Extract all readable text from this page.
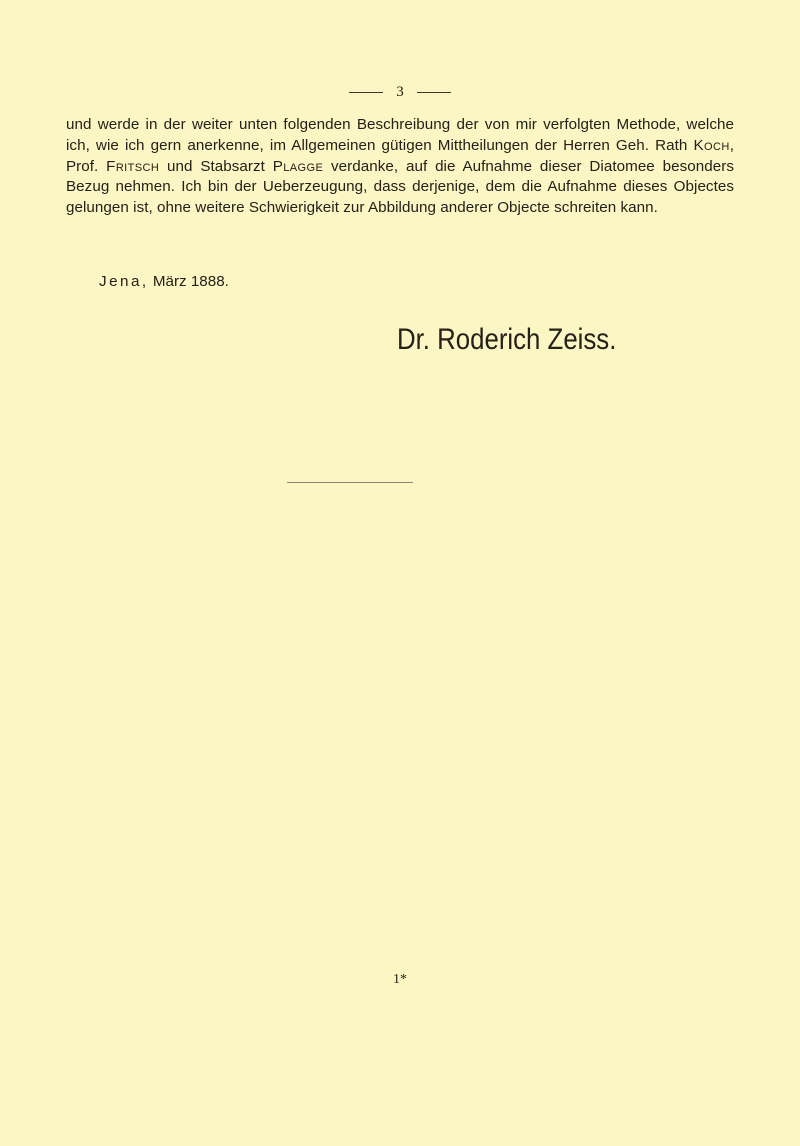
3

und werde in der weiter unten folgenden Beschreibung der von mir verfolgten Methode, welche ich, wie ich gern anerkenne, im Allgemeinen gütigen Mittheilungen der Herren Geh. Rath Koch, Prof. Fritsch und Stabsarzt Plagge verdanke, auf die Aufnahme dieser Diatomee besonders Bezug nehmen. Ich bin der Ueberzeugung, dass derjenige, dem die Aufnahme dieses Objectes gelungen ist, ohne weitere Schwierigkeit zur Abbildung anderer Objecte schreiten kann.

Jena, März 1888.
Dr. Roderich Zeiss.
1*
